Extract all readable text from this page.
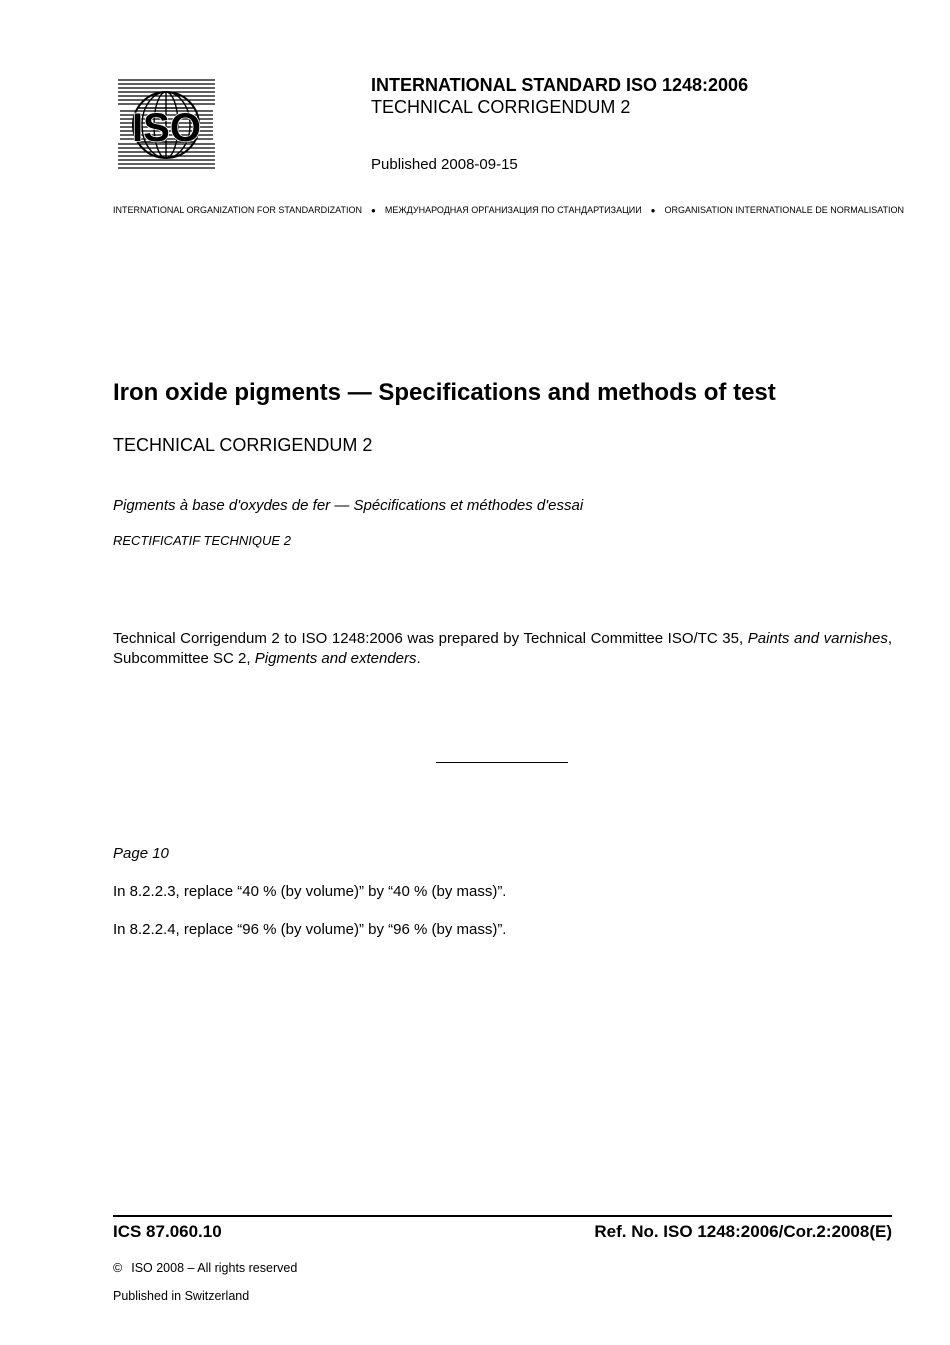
ISO
INTERNATIONAL STANDARD ISO 1248:2006
TECHNICAL CORRIGENDUM 2
Published 2008-09-15
INTERNATIONAL ORGANIZATION FOR STANDARDIZATION ● МЕЖДУНАРОДНАЯ ОРГАНИЗАЦИЯ ПО СТАНДАРТИЗАЦИИ ● ORGANISATION INTERNATIONALE DE NORMALISATION
Iron oxide pigments — Specifications and methods of test
TECHNICAL CORRIGENDUM 2
Pigments à base d'oxydes de fer — Spécifications et méthodes d'essai
RECTIFICATIF TECHNIQUE 2
Technical Corrigendum 2 to ISO 1248:2006 was prepared by Technical Committee ISO/TC 35, Paints and varnishes, Subcommittee SC 2, Pigments and extenders.
Page 10
In 8.2.2.3, replace “40 % (by volume)” by “40 % (by mass)”.
In 8.2.2.4, replace “96 % (by volume)” by “96 % (by mass)”.
ICS 87.060.10	Ref. No. ISO 1248:2006/Cor.2:2008(E)
© ISO 2008 – All rights reserved
Published in Switzerland
